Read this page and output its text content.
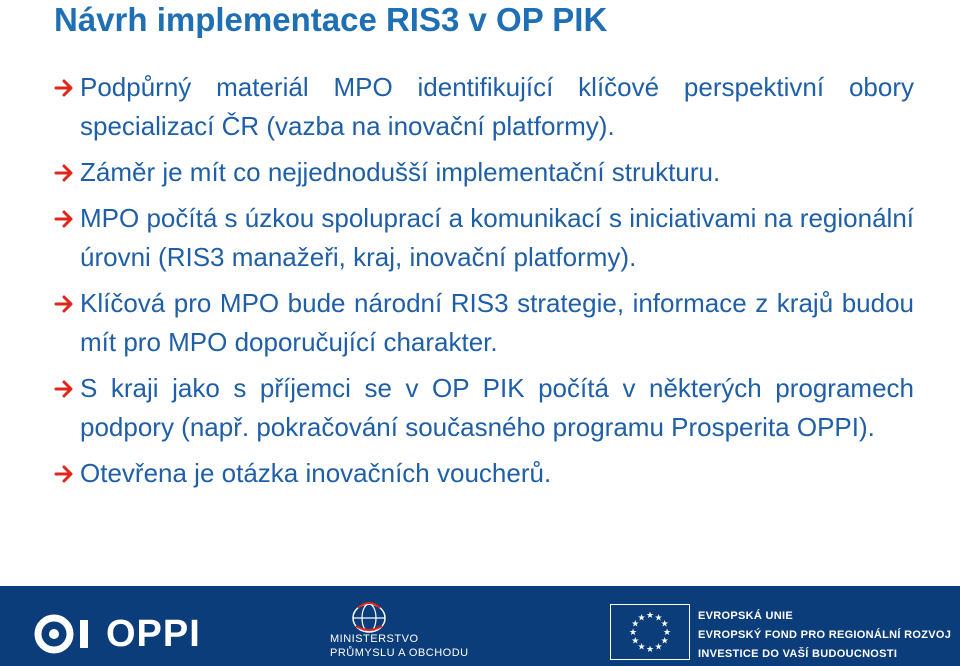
Návrh implementace RIS3 v OP PIK
Podpůrný materiál MPO identifikující klíčové perspektivní obory specializací ČR (vazba na inovační platformy).
Záměr je mít co nejjednodušší implementační strukturu.
MPO počítá s úzkou spoluprací a komunikací s iniciativami na regionální úrovni (RIS3 manažeři, kraj, inovační platformy).
Klíčová pro MPO bude národní RIS3 strategie, informace z krajů budou mít pro MPO doporučující charakter.
S kraji jako s příjemci se v OP PIK počítá v některých programech podpory (např. pokračování současného programu Prosperita OPPI).
Otevřena je otázka inovačních voucherů.
OPPI	MINISTERSTVO
PRŮMYSLU A OBCHODU
★ ★
★
★
★
★
★
★
★
★
★
★	EVROPSKÁ UNIE
EVROPSKÝ FOND PRO REGIONÁLNÍ ROZVOJ
INVESTICE DO VAŠÍ BUDOUCNOSTI
